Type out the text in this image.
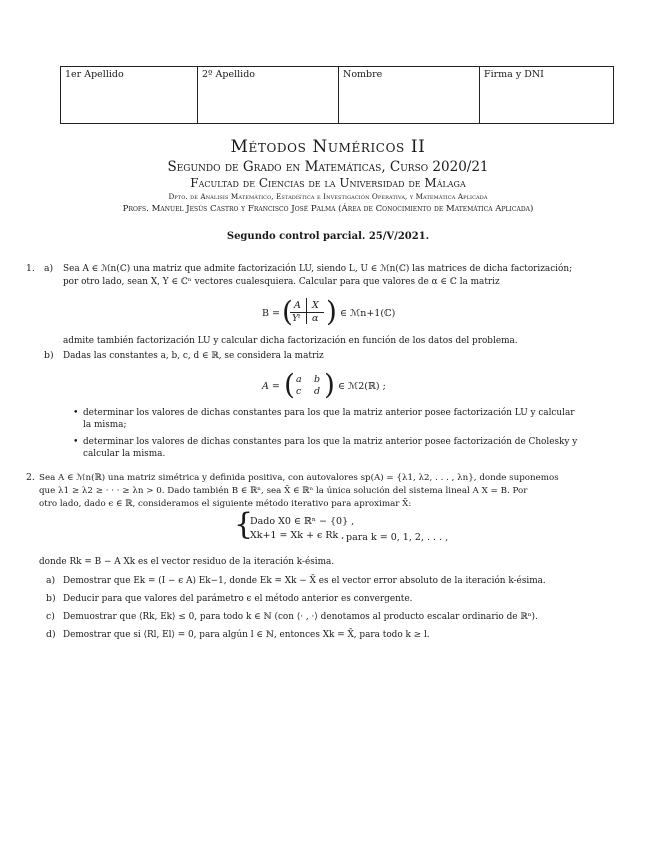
1er Apellido	2º Apellido	Nombre	Firma y DNI
Métodos Numéricos II
Segundo de Grado en Matemáticas, Curso 2020/21
Facultad de Ciencias de la Universidad de Málaga
Dpto. de Análisis Matemático, Estadística e Investigación Operativa, y Matemática Aplicada
Profs. Manuel Jesús Castro y Francisco José Palma (Área de Conocimiento de Matemática Aplicada)
Segundo control parcial. 25/V/2021.
1. a) Sea A ∈ ℳn(ℂ) una matriz que admite factorización LU, siendo L, U ∈ ℳn(ℂ) las matrices de dicha factorización;
por otro lado, sean X, Y ∈ ℂⁿ vectores cualesquiera. Calcular para que valores de α ∈ ℂ la matriz
B = ( A X
Yᵗ α ) ∈ ℳn+1(ℂ)
admite también factorización LU y calcular dicha factorización en función de los datos del problema.
b) Dadas las constantes a, b, c, d ∈ ℝ, se considera la matriz
A = ( a b
c d ) ∈ ℳ2(ℝ) ;
• determinar los valores de dichas constantes para los que la matriz anterior posee factorización LU y calcular
la misma;
• determinar los valores de dichas constantes para los que la matriz anterior posee factorización de Cholesky y
calcular la misma.
2. Sea A ∈ ℳn(ℝ) una matriz simétrica y definida positiva, con autovalores sp(A) = {λ1, λ2, . . . , λn}, donde suponemos
que λ1 ≥ λ2 ≥ · · · ≥ λn > 0. Dado también B ∈ ℝⁿ, sea X̄ ∈ ℝⁿ la única solución del sistema lineal A X = B. Por
otro lado, dado ϵ ∈ ℝ, consideramos el siguiente método iterativo para aproximar X̄:
{
Dado X0 ∈ ℝⁿ − {0} ,
Xk+1 = Xk + ϵ Rk , para k = 0, 1, 2, . . . ,
donde Rk = B − A Xk es el vector residuo de la iteración k-ésima.
a) Demostrar que Ek = (I − ϵ A) Ek−1, donde Ek = Xk − X̄ es el vector error absoluto de la iteración k-ésima.
b) Deducir para que valores del parámetro ϵ el método anterior es convergente.
c) Demuostrar que ⟨Rk, Ek⟩ ≤ 0, para todo k ∈ ℕ (con ⟨· , ·⟩ denotamos al producto escalar ordinario de ℝⁿ).
d) Demostrar que si ⟨Rl, El⟩ = 0, para algún l ∈ ℕ, entonces Xk = X̄, para todo k ≥ l.
